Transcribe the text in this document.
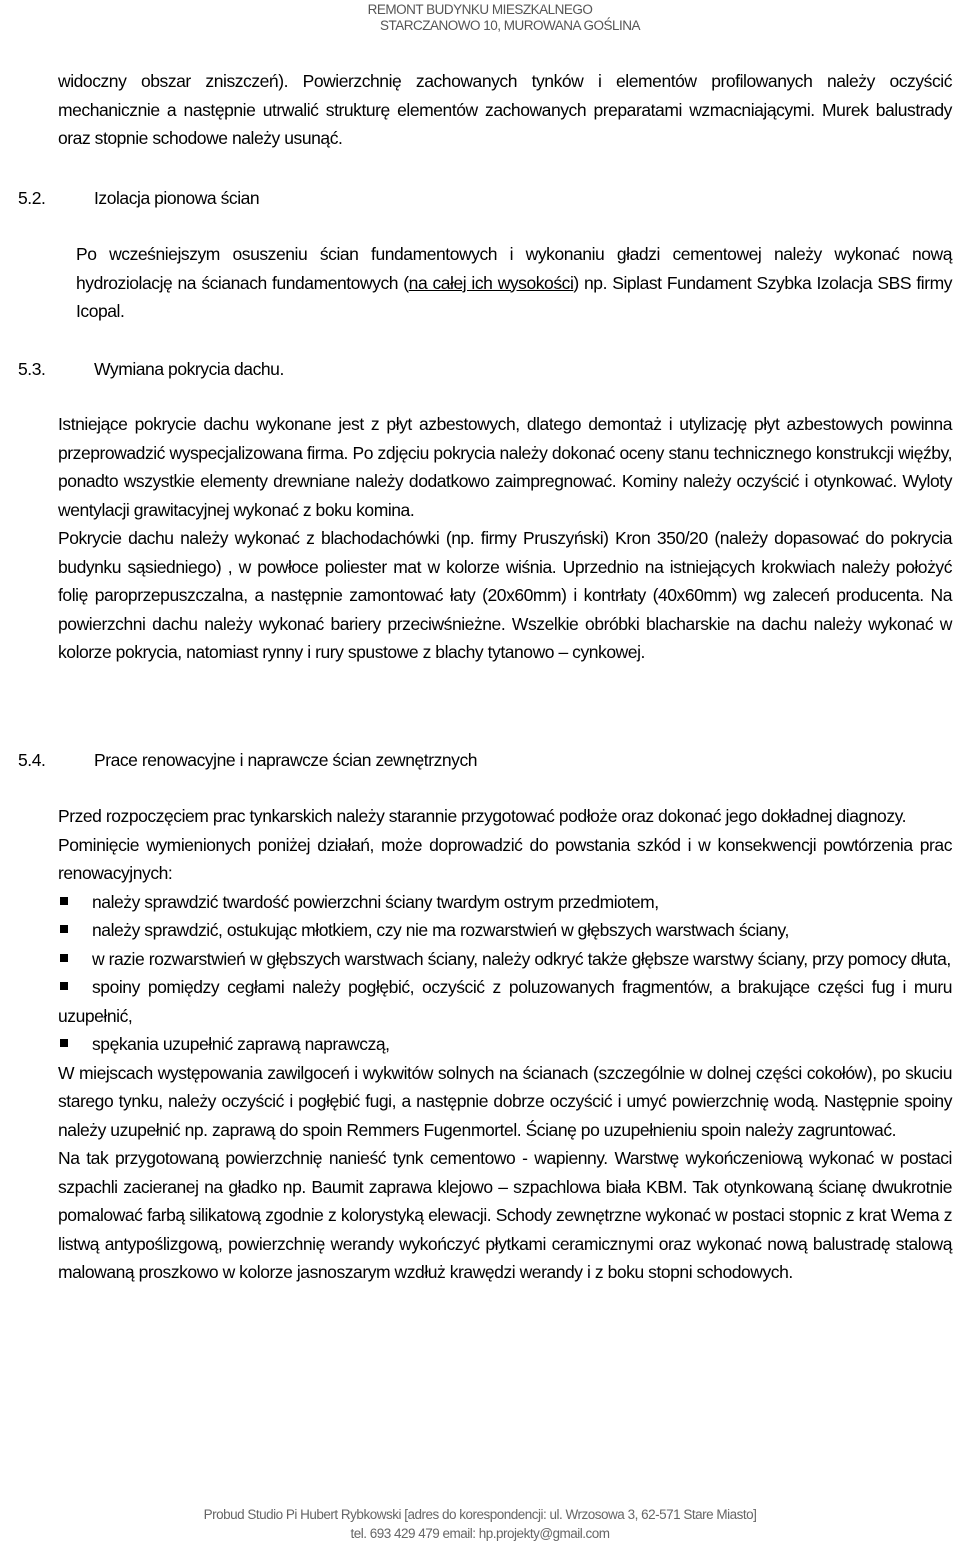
REMONT BUDYNKU MIESZKALNEGO
STARCZANOWO 10, MUROWANA GOŚLINA
widoczny obszar zniszczeń). Powierzchnię zachowanych tynków i elementów profilowanych należy oczyścić mechanicznie a następnie utrwalić strukturę elementów zachowanych preparatami wzmacniającymi. Murek balustrady oraz stopnie schodowe należy usunąć.
5.2.	Izolacja pionowa ścian
Po wcześniejszym osuszeniu ścian fundamentowych i wykonaniu gładzi cementowej należy wykonać nową hydroziolację na ścianach fundamentowych (na całej ich wysokości) np. Siplast Fundament Szybka Izolacja SBS firmy Icopal.
5.3.	Wymiana pokrycia dachu.
Istniejące pokrycie dachu wykonane jest z płyt azbestowych, dlatego demontaż i utylizację płyt azbestowych powinna przeprowadzić wyspecjalizowana firma. Po zdjęciu pokrycia należy dokonać oceny stanu technicznego konstrukcji więźby, ponadto wszystkie elementy drewniane należy dodatkowo zaimpregnować. Kominy należy oczyścić i otynkować. Wyloty wentylacji grawitacyjnej wykonać z boku komina.
Pokrycie dachu należy wykonać z blachodachówki (np. firmy Pruszyński) Kron 350/20 (należy dopasować do pokrycia budynku sąsiedniego) , w powłoce poliester mat w kolorze wiśnia. Uprzednio na istniejących krokwiach należy położyć folię paroprzepuszczalna, a następnie zamontować łaty (20x60mm) i kontrłaty (40x60mm) wg zaleceń producenta. Na powierzchni dachu należy wykonać bariery przeciwśnieżne. Wszelkie obróbki blacharskie na dachu należy wykonać w kolorze pokrycia, natomiast rynny i rury spustowe z blachy tytanowo – cynkowej.
5.4.	Prace renowacyjne i naprawcze ścian zewnętrznych
Przed rozpoczęciem prac tynkarskich należy starannie przygotować podłoże oraz dokonać jego dokładnej diagnozy.
Pominięcie wymienionych poniżej działań, może doprowadzić do powstania szkód i w konsekwencji powtórzenia prac renowacyjnych:
należy sprawdzić twardość powierzchni ściany twardym ostrym przedmiotem,
należy sprawdzić, ostukując młotkiem, czy nie ma rozwarstwień w głębszych warstwach ściany,
w razie rozwarstwień w głębszych warstwach ściany, należy odkryć także głębsze warstwy ściany, przy pomocy dłuta,
spoiny pomiędzy cegłami należy pogłębić, oczyścić z poluzowanych fragmentów, a brakujące części fug i muru uzupełnić,
spękania uzupełnić zaprawą naprawczą,
W miejscach występowania zawilgoceń i wykwitów solnych na ścianach (szczególnie w dolnej części cokołów), po skuciu starego tynku, należy oczyścić i pogłębić fugi, a następnie dobrze oczyścić i umyć powierzchnię wodą. Następnie spoiny należy uzupełnić np. zaprawą do spoin Remmers Fugenmortel. Ścianę po uzupełnieniu spoin należy zagruntować.
Na tak przygotowaną powierzchnię nanieść tynk cementowo - wapienny. Warstwę wykończeniową wykonać w postaci szpachli zacieranej na gładko np. Baumit zaprawa klejowo – szpachlowa biała KBM. Tak otynkowaną ścianę dwukrotnie pomalować farbą silikatową zgodnie z kolorystyką elewacji. Schody zewnętrzne wykonać w postaci stopnic z krat Wema z listwą antypoślizgową, powierzchnię werandy wykończyć płytkami ceramicznymi oraz wykonać nową balustradę stalową malowaną proszkowo w kolorze jasnoszarym wzdłuż krawędzi werandy i z boku stopni schodowych.
Probud Studio Pi Hubert Rybkowski [adres do korespondencji: ul. Wrzosowa 3, 62-571 Stare Miasto]
tel. 693 429 479 email: hp.projekty@gmail.com
